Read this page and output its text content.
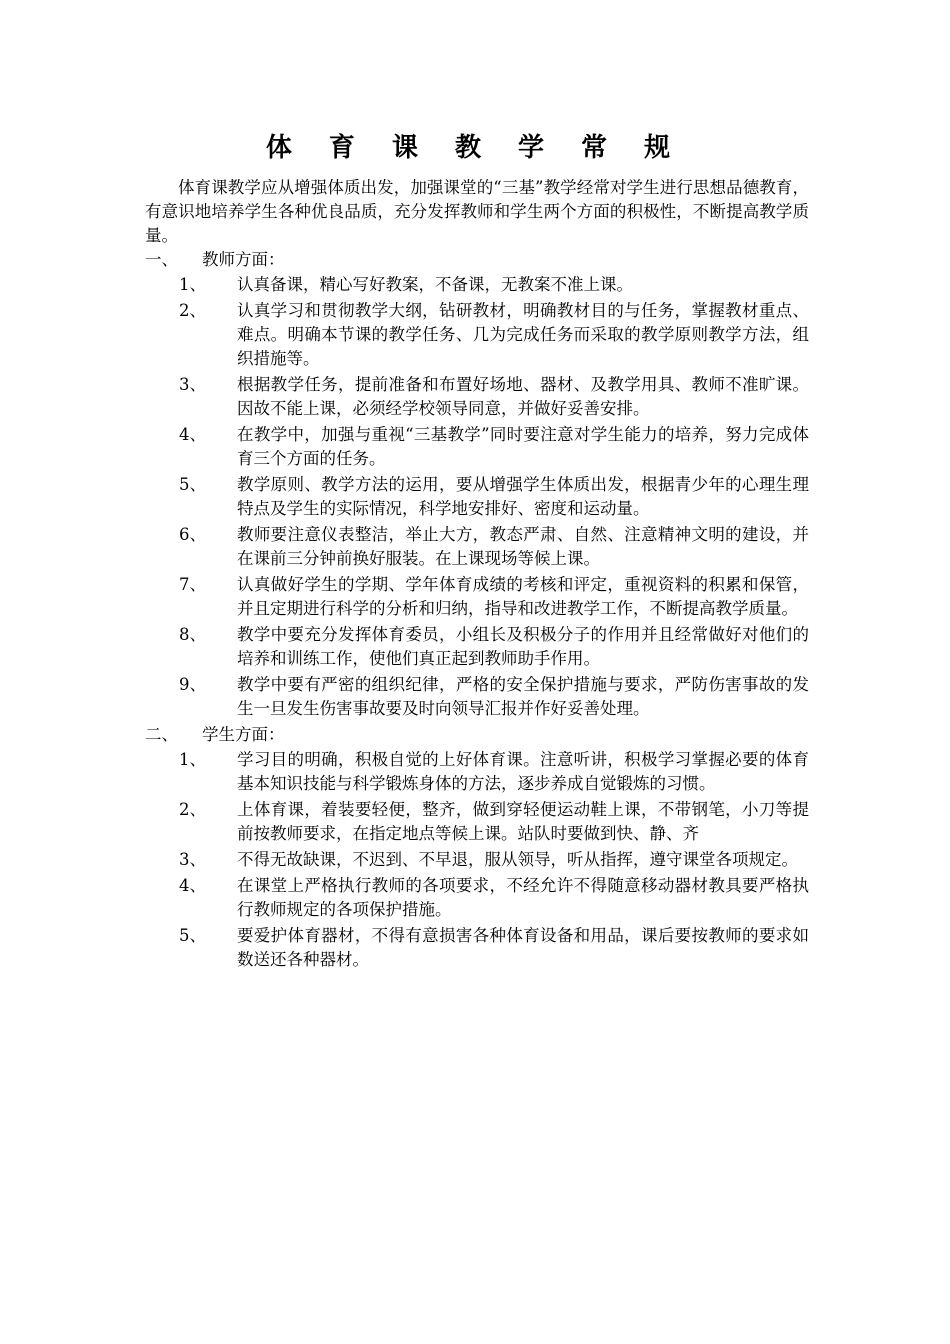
体 育 课 教 学 常 规

体育课教学应从增强体质出发，加强课堂的“三基”教学经常对学生进行思想品德教育，有意识地培养学生各种优良品质，充分发挥教师和学生两个方面的积极性，不断提高教学质量。

一、 教师方面：
1、 认真备课，精心写好教案，不备课，无教案不准上课。
2、 认真学习和贯彻教学大纲，钻研教材，明确教材目的与任务，掌握教材重点、难点。明确本节课的教学任务、几为完成任务而采取的教学原则教学方法，组织措施等。
3、 根据教学任务，提前准备和布置好场地、器材、及教学用具、教师不准旷课。因故不能上课，必须经学校领导同意，并做好妥善安排。
4、 在教学中，加强与重视“三基教学”同时要注意对学生能力的培养，努力完成体育三个方面的任务。
5、 教学原则、教学方法的运用，要从增强学生体质出发，根据青少年的心理生理特点及学生的实际情况，科学地安排好、密度和运动量。
6、 教师要注意仪表整洁，举止大方，教态严肃、自然、注意精神文明的建设，并在课前三分钟前换好服装。在上课现场等候上课。
7、 认真做好学生的学期、学年体育成绩的考核和评定，重视资料的积累和保管，并且定期进行科学的分析和归纳，指导和改进教学工作，不断提高教学质量。
8、 教学中要充分发挥体育委员，小组长及积极分子的作用并且经常做好对他们的培养和训练工作，使他们真正起到教师助手作用。
9、 教学中要有严密的组织纪律，严格的安全保护措施与要求，严防伤害事故的发生一旦发生伤害事故要及时向领导汇报并作好妥善处理。
二、 学生方面：
1、 学习目的明确，积极自觉的上好体育课。注意听讲，积极学习掌握必要的体育基本知识技能与科学锻炼身体的方法，逐步养成自觉锻炼的习惯。
2、 上体育课，着装要轻便，整齐，做到穿轻便运动鞋上课，不带钢笔，小刀等提前按教师要求，在指定地点等候上课。站队时要做到快、静、齐
3、 不得无故缺课，不迟到、不早退，服从领导，听从指挥，遵守课堂各项规定。
4、 在课堂上严格执行教师的各项要求，不经允许不得随意移动器材教具要严格执行教师规定的各项保护措施。
5、 要爱护体育器材，不得有意损害各种体育设备和用品，课后要按教师的要求如数送还各种器材。
